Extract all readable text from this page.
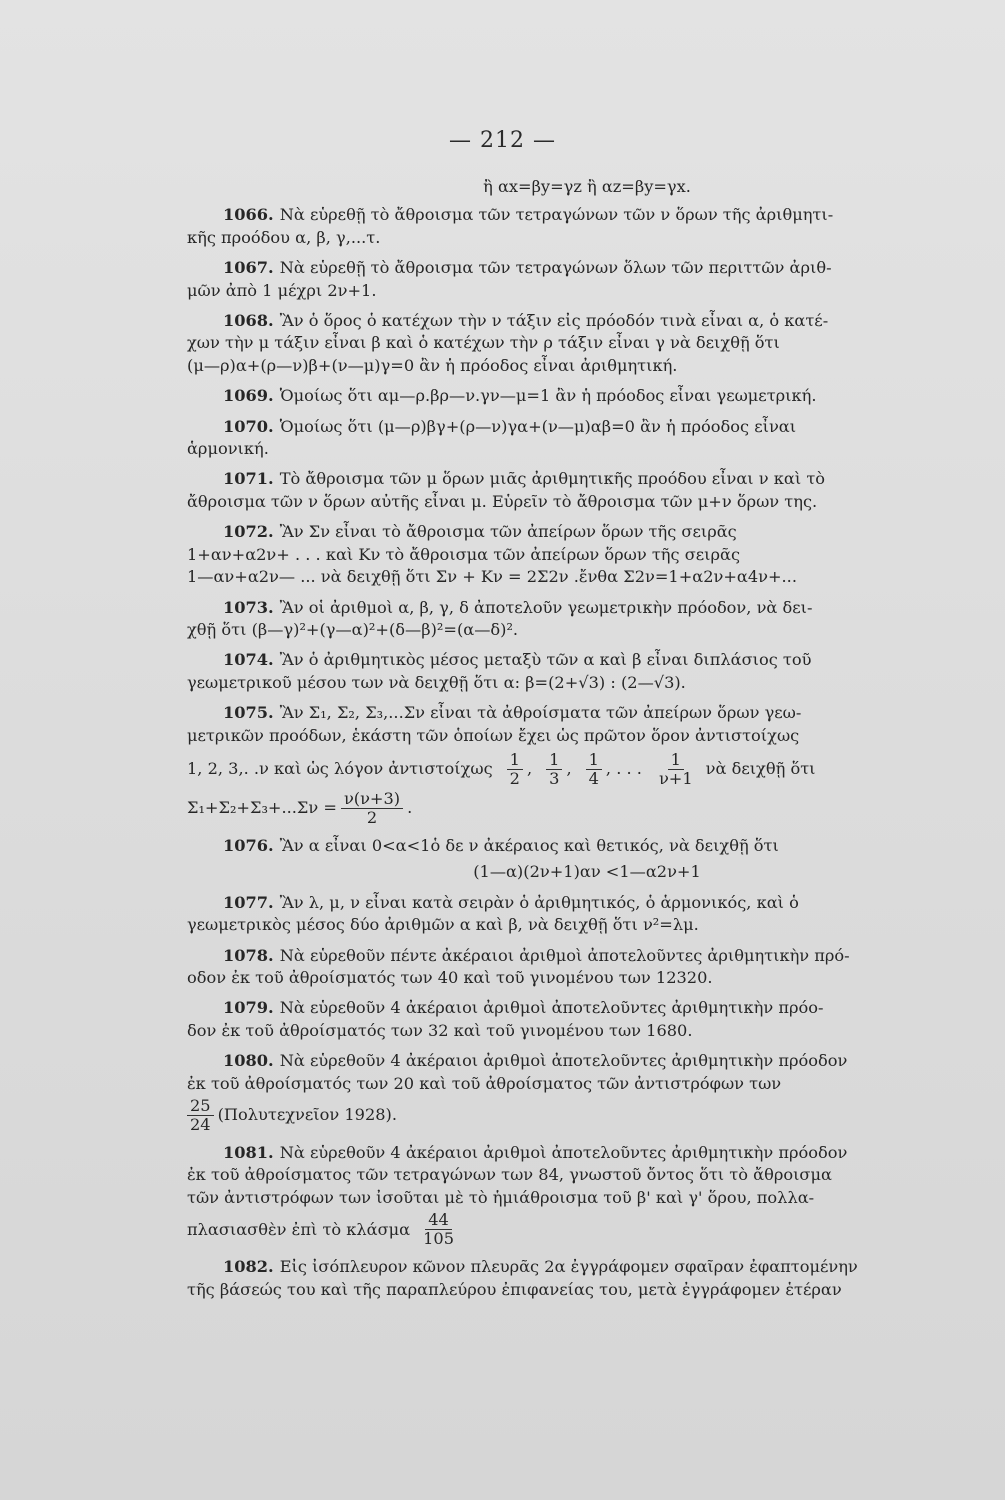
— 212 —

ἢ αx=βy=γz ἢ αz=βy=γx.

1066. Νὰ εὑρεθῇ τὸ ἄθροισμα τῶν τετραγώνων τῶν ν ὅρων τῆς ἀριθμητι-

κῆς προόδου α, β, γ,...τ.

1067. Νὰ εὑρεθῇ τὸ ἄθροισμα τῶν τετραγώνων ὅλων τῶν περιττῶν ἀριθ-

μῶν ἀπὸ 1 μέχρι 2ν+1.

1068. Ἂν ὁ ὅρος ὁ κατέχων τὴν ν τάξιν εἰς πρόοδόν τινὰ εἶναι α, ὁ κατέ-

χων τὴν μ τάξιν εἶναι β καὶ ὁ κατέχων τὴν ρ τάξιν εἶναι γ νὰ δειχθῇ ὅτι

(μ—ρ)α+(ρ—ν)β+(ν—μ)γ=0 ἂν ἡ πρόοδος εἶναι ἀριθμητική.

1069. Ὁμοίως ὅτι αμ—ρ.βρ—ν.γν—μ=1 ἂν ἡ πρόοδος εἶναι γεωμετρική.

1070. Ὁμοίως ὅτι (μ—ρ)βγ+(ρ—ν)γα+(ν—μ)αβ=0 ἂν ἡ πρόοδος εἶναι

ἁρμονική.

1071. Τὸ ἄθροισμα τῶν μ ὅρων μιᾶς ἀριθμητικῆς προόδου εἶναι ν καὶ τὸ

ἄθροισμα τῶν ν ὅρων αὐτῆς εἶναι μ. Εὑρεῖν τὸ ἄθροισμα τῶν μ+ν ὅρων της.

1072. Ἂν Σν εἶναι τὸ ἄθροισμα τῶν ἀπείρων ὅρων τῆς σειρᾶς

1+αν+α2ν+ . . . καὶ Κν τὸ ἄθροισμα τῶν ἀπείρων ὅρων τῆς σειρᾶς

1—αν+α2ν— ... νὰ δειχθῇ ὅτι Σν + Κν = 2Σ2ν .ἔνθα Σ2ν=1+α2ν+α4ν+...

1073. Ἂν οἱ ἀριθμοὶ α, β, γ, δ ἀποτελοῦν γεωμετρικὴν πρόοδον, νὰ δει-

χθῇ ὅτι (β—γ)²+(γ—α)²+(δ—β)²=(α—δ)².

1074. Ἂν ὁ ἀριθμητικὸς μέσος μεταξὺ τῶν α καὶ β εἶναι διπλάσιος τοῦ

γεωμετρικοῦ μέσου των νὰ δειχθῇ ὅτι α: β=(2+√3) : (2—√3).

1075. Ἂν Σ₁, Σ₂, Σ₃,...Σν εἶναι τὰ ἀθροίσματα τῶν ἀπείρων ὅρων γεω-

μετρικῶν προόδων, ἑκάστη τῶν ὁποίων ἔχει ὡς πρῶτον ὅρον ἀντιστοίχως

1, 2, 3,. .ν καὶ ὡς λόγον ἀντιστοίχως $\frac{1}{2}$ , $\frac{1}{3}$ , $\frac{1}{4}$ , . . . $\frac{1}{\nu+1}$ νὰ δειχθῇ ὅτι
$\Sigma_1+\Sigma_2+\Sigma_3+...\Sigma\nu = \frac{\nu(\nu+3)}{2}$ .

1076. Ἂν α εἶναι 0<α<1ὁ δε ν ἀκέραιος καὶ θετικός, νὰ δειχθῇ ὅτι

(1—α)(2ν+1)αν <1—α2ν+1

1077. Ἂν λ, μ, ν εἶναι κατὰ σειρὰν ὁ ἀριθμητικός, ὁ ἁρμονικός, καὶ ὁ

γεωμετρικὸς μέσος δύο ἀριθμῶν α καὶ β, νὰ δειχθῇ ὅτι ν²=λμ.

1078. Νὰ εὑρεθοῦν πέντε ἀκέραιοι ἀριθμοὶ ἀποτελοῦντες ἀριθμητικὴν πρό-

οδον ἐκ τοῦ ἀθροίσματός των 40 καὶ τοῦ γινομένου των 12320.

1079. Νὰ εὑρεθοῦν 4 ἀκέραιοι ἀριθμοὶ ἀποτελοῦντες ἀριθμητικὴν πρόο-

δον ἐκ τοῦ ἀθροίσματός των 32 καὶ τοῦ γινομένου των 1680.

1080. Νὰ εὑρεθοῦν 4 ἀκέραιοι ἀριθμοὶ ἀποτελοῦντες ἀριθμητικὴν πρόοδον

ἐκ τοῦ ἀθροίσματός των 20 καὶ τοῦ ἀθροίσματος τῶν ἀντιστρόφων των

$\frac{25}{24}$ (Πολυτεχνεῖον 1928).

1081. Νὰ εὑρεθοῦν 4 ἀκέραιοι ἀριθμοὶ ἀποτελοῦντες ἀριθμητικὴν πρόοδον

ἐκ τοῦ ἀθροίσματος τῶν τετραγώνων των 84, γνωστοῦ ὄντος ὅτι τὸ ἄθροισμα

τῶν ἀντιστρόφων των ἰσοῦται μὲ τὸ ἡμιάθροισμα τοῦ β' καὶ γ' ὅρου, πολλα-

πλασιασθὲν ἐπὶ τὸ κλάσμα $\frac{44}{105}$

1082. Εἰς ἰσόπλευρον κῶνον πλευρᾶς 2α ἐγγράφομεν σφαῖραν ἐφαπτομένην

τῆς βάσεώς του καὶ τῆς παραπλεύρου ἐπιφανείας του, μετὰ ἐγγράφομεν ἑτέραν
